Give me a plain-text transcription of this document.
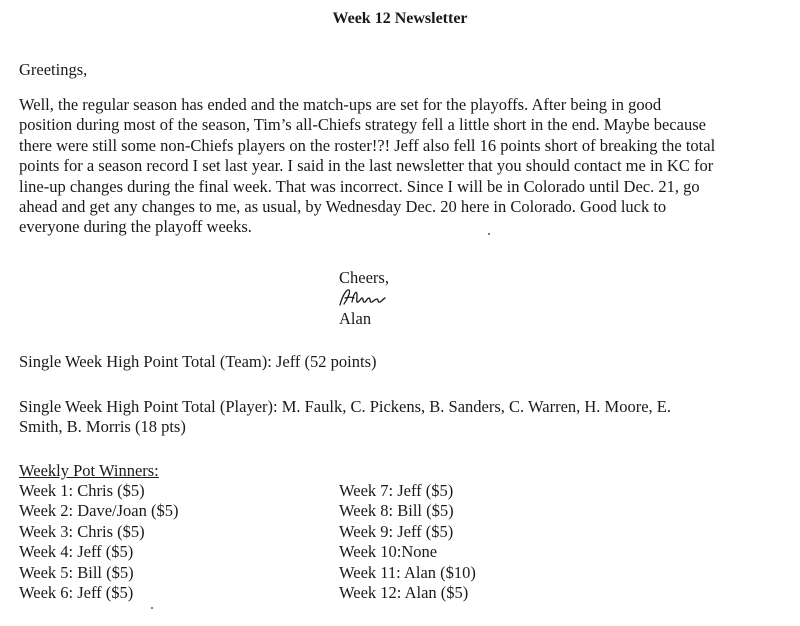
Week 12 Newsletter

Greetings,

Well, the regular season has ended and the match-ups are set for the playoffs. After being in good
position during most of the season, Tim’s all-Chiefs strategy fell a little short in the end. Maybe because
there were still some non-Chiefs players on the roster!?! Jeff also fell 16 points short of breaking the total
points for a season record I set last year. I said in the last newsletter that you should contact me in KC for
line-up changes during the final week. That was incorrect. Since I will be in Colorado until Dec. 21, go
ahead and get any changes to me, as usual, by Wednesday Dec. 20 here in Colorado. Good luck to
everyone during the playoff weeks.

Cheers,

Alan

Single Week High Point Total (Team): Jeff (52 points)

Single Week High Point Total (Player): M. Faulk, C. Pickens, B. Sanders, C. Warren, H. Moore, E.
Smith, B. Morris (18 pts)

Weekly Pot Winners:

Week 1: Chris ($5)
Week 2: Dave/Joan ($5)
Week 3: Chris ($5)
Week 4: Jeff ($5)
Week 5: Bill ($5)
Week 6: Jeff ($5)
Week 7: Jeff ($5)
Week 8: Bill ($5)
Week 9: Jeff ($5)
Week 10:None
Week 11: Alan ($10)
Week 12: Alan ($5)
